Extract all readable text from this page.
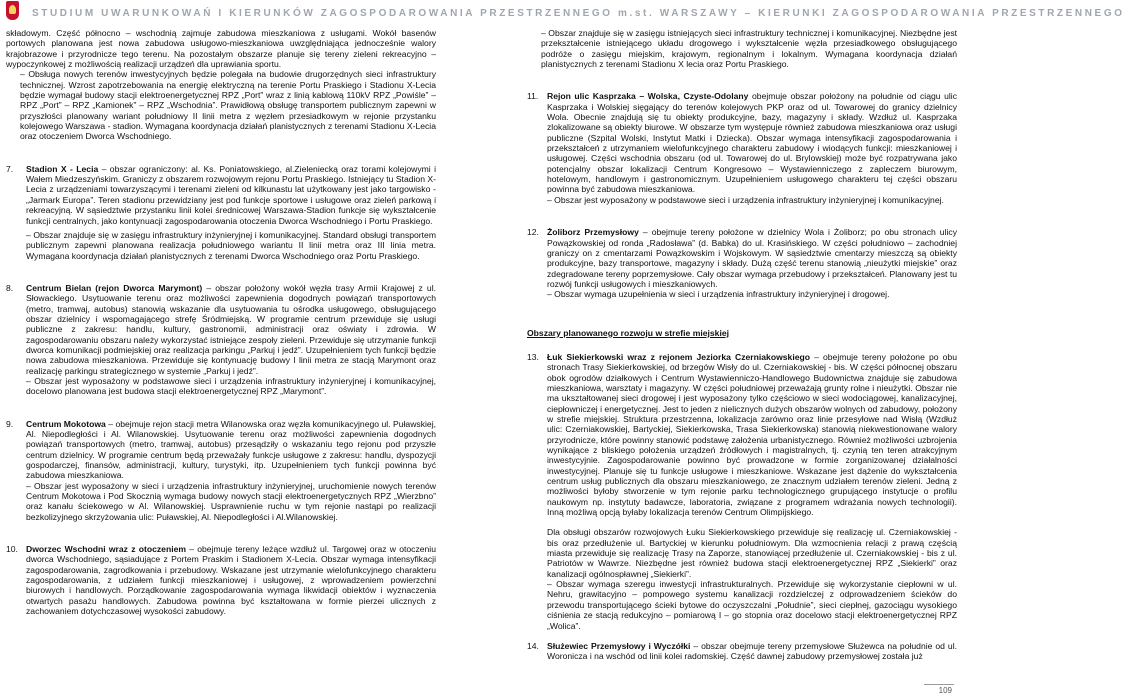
STUDIUM UWARUNKOWAŃ I KIERUNKÓW ZAGOSPODAROWANIA PRZESTRZENNEGO m.st. WARSZAWY – KIERUNKI ZAGOSPODAROWANIA PRZESTRZENNEGO

składowym. Część północno – wschodnią zajmuje zabudowa mieszkaniowa z usługami. Wokół basenów portowych planowana jest nowa zabudowa usługowo-mieszkaniowa uwzględniająca jednocześnie walory krajobrazowe i przyrodnicze tego terenu. Na pozostałym obszarze planuje się tereny zieleni rekreacyjno – wypoczynkowej z możliwością realizacji urządzeń dla uprawiania sportu.

– Obsługa nowych terenów inwestycyjnych będzie polegała na budowie drugorzędnych sieci infrastruktury technicznej. Wzrost zapotrzebowania na energię elektryczną na terenie Portu Praskiego i Stadionu X-Lecia będzie wymagał budowy stacji elektroenergetycznej RPZ „Port” wraz z linią kablową 110kV RPZ „Powiśle” – RPZ „Port” – RPZ „Kamionek” – RPZ „Wschodnia”. Prawidłową obsługę transportem publicznym zapewni w przyszłości planowany wariant południowy II linii metra z węzłem przesiadkowym w rejonie przystanku kolejowego Warszawa - stadion. Wymagana koordynacja działań planistycznych z terenami Stadionu X-Lecia oraz otoczeniem Dworca Wschodniego.

7.	Stadion X - Lecia – obszar ograniczony: al. Ks. Poniatowskiego, al.Zieleniecką oraz torami kolejowymi i Wałem Miedzeszyńskim. Graniczy z obszarem rozwojowym rejonu Portu Praskiego. Istniejący tu Stadion X-Lecia z urządzeniami towarzyszącymi i terenami zieleni od kilkunastu lat użytkowany jest jako targowisko - „Jarmark Europa”. Teren stadionu przewidziany jest pod funkcje sportowe i usługowe oraz zieleń parkową i rekreacyjną. W sąsiedztwie przystanku linii kolei średnicowej Warszawa-Stadion funkcje się wykształcenie funkcji centralnych, jako kontynuacji zagospodarowania otoczenia Dworca Wschodniego i Portu Praskiego.

– Obszar znajduje się w zasięgu infrastruktury inżynieryjnej i komunikacyjnej. Standard obsługi transportem publicznym zapewni planowana realizacja południowego wariantu II linii metra oraz III linia metra. Wymagana koordynacja działań planistycznych z terenami Dworca Wschodniego oraz Portu Praskiego.

8.	Centrum Bielan (rejon Dworca Marymont) – obszar położony wokół węzła trasy Armii Krajowej z ul. Słowackiego. Usytuowanie terenu oraz możliwości zapewnienia dogodnych powiązań transportowych (metro, tramwaj, autobus) stanowią wskazanie dla usytuowania tu ośrodka usługowego, obsługującego obszar dzielnicy i wspomagającego strefę Śródmiejską. W programie centrum przewiduje się usługi publiczne z zakresu: handlu, kultury, gastronomii, administracji oraz oświaty i zdrowia. W zagospodarowaniu obszaru należy wykorzystać istniejące zespoły zieleni. Przewiduje się utrzymanie funkcji dworca komunikacji podmiejskiej oraz realizacja parkingu „Parkuj i jedź”. Uzupełnieniem tych funkcji będzie nowa zabudowa mieszkaniowa. Przewiduje się kontynuację budowy I linii metra ze stacją Marymont oraz realizację parkingu strategicznego w systemie „Parkuj i jedź”.

– Obszar jest wyposażony w podstawowe sieci i urządzenia infrastruktury inżynieryjnej i komunikacyjnej, docelowo planowana jest budowa stacji elektroenergetycznej RPZ „Marymont”.

9.	Centrum Mokotowa – obejmuje rejon stacji metra Wilanowska oraz węzła komunikacyjnego ul. Puławskiej, Al. Niepodległości i Al. Wilanowskiej. Usytuowanie terenu oraz możliwości zapewnienia dogodnych powiązań transportowych (metro, tramwaj, autobus) przesądziły o wskazaniu tego rejonu pod przyszłe centrum dzielnicy. W programie centrum będą przeważały funkcje usługowe z zakresu: handlu, dyspozycji gospodarczej, finansów, administracji, kultury, turystyki, itp. Uzupełnieniem tych funkcji powinna być zabudowa mieszkaniowa.

– Obszar jest wyposażony w sieci i urządzenia infrastruktury inżynieryjnej, uruchomienie nowych terenów Centrum Mokotowa i Pod Skocznią wymaga budowy nowych stacji elektroenergetycznych RPZ „Wierzbno” oraz kanału ściekowego w Al. Wilanowskiej. Usprawnienie ruchu w tym rejonie nastąpi po realizacji bezkolizyjnego skrzyżowania ulic: Puławskiej, Al. Niepodległości i Al.Wilanowskiej.

10. Dworzec Wschodni wraz z otoczeniem – obejmuje tereny leżące wzdłuż ul. Targowej oraz w otoczeniu dworca Wschodniego, sąsiadujące z Portem Praskim i Stadionem X-Lecia. Obszar wymaga intensyfikacji zagospodarowania, zagrodkowania i przebudowy. Wskazane jest utrzymanie wielofunkcyjnego charakteru zagospodarowania, z udziałem funkcji mieszkaniowej i usługowej, z wprowadzeniem powierzchni biurowych i handlowych. Porządkowanie zagospodarowania wymaga likwidacji obiektów i wyznaczenia otwartych pasażu handlowych. Zabudowa powinna być kształtowana w formie pierzei ulicznych z zachowaniem dotychczasowej wysokości zabudowy.

– Obszar znajduje się w zasięgu istniejących sieci infrastruktury technicznej i komunikacyjnej. Niezbędne jest przekształcenie istniejącego układu drogowego i wykształcenie węzła przesiadkowego obsługującego podróże o zasięgu miejskim, krajowym, regionalnym i lokalnym. Wymagana koordynacja działań planistycznych z terenami Stadionu X lecia oraz Portu Praskiego.

11.	Rejon ulic Kasprzaka – Wolska, Czyste-Odolany obejmuje obszar położony na południe od ciągu ulic Kasprzaka i Wolskiej sięgający do terenów kolejowych PKP oraz od ul. Towarowej do granicy dzielnicy Wola. Obecnie znajdują się tu obiekty produkcyjne, bazy, magazyny i składy. Wzdłuż ul. Kasprzaka zlokalizowane są obiekty biurowe. W obszarze tym występuje również zabudowa mieszkaniowa oraz usługi publiczne (Szpital Wolski, Instytut Matki i Dziecka). Obszar wymaga intensyfikacji zagospodarowania i przekształceń z utrzymaniem wielofunkcyjnego charakteru zabudowy i wiodących funkcji: mieszkaniowej i usługowej. Części wschodnia obszaru (od ul. Towarowej do ul. Brylowskiej) może być rozpatrywana jako potencjalny obszar lokalizacji Centrum Kongresowo – Wystawienniczego z zapleczem biurowym, hotelowym, handlowym i gastronomicznym. Uzupełnieniem usługowego charakteru tej części obszaru powinna być zabudowa mieszkaniowa.

– Obszar jest wyposażony w podstawowe sieci i urządzenia infrastruktury inżynieryjnej i komunikacyjnej.

12. Żoliborz Przemysłowy – obejmuje tereny położone w dzielnicy Wola i Żoliborz; po obu stronach ulicy Powązkowskiej od ronda „Radosława” (d. Babka) do ul. Krasińskiego. W części południowo – zachodniej graniczy on z cmentarzami Powązkowskim i Wojskowym. W sąsiedztwie cmentarzy mieszczą są obiekty produkcyjne, bazy transportowe, magazyny i składy. Dużą część terenu stanowią „nieużytki miejskie” oraz zdegradowane tereny poprzemysłowe. Cały obszar wymaga przebudowy i przekształceń. Planowany jest tu rozwój funkcji usługowych i mieszkaniowych.

– Obszar wymaga uzupełnienia w sieci i urządzenia infrastruktury inżynieryjnej i drogowej.

Obszary planowanego rozwoju w strefie miejskiej

13. Łuk Siekierkowski wraz z rejonem Jeziorka Czerniakowskiego – obejmuje tereny położone po obu stronach Trasy Siekierkowskiej, od brzegów Wisły do ul. Czerniakowskiej - bis. W części północnej obszaru obok ogrodów działkowych i Centrum Wystawienniczo-Handlowego Budownictwa znajduje się zabudowa mieszkaniowa, warsztaty i magazyny. W części południowej przeważają grunty rolne i nieużytki. Obszar nie ma ukształtowanej sieci drogowej i jest wyposażony tylko częściowo w sieci wodociągowej, kanalizacyjnej, ciepłowniczej i energetycznej. Jest to jeden z nielicznych dużych obszarów wolnych od zabudowy, położony w strefie miejskiej. Struktura przestrzenna, lokalizacja zarówno oraz linie przesyłowe nad Wisłą (Wzdłuż ulic: Czerniakowskiej, Bartyckiej, Siekierkowska, Trasa Siekierkowska) stanowią niekwestionowane walory przyrodnicze, które powinny stanowić podstawę założenia urbanistycznego. Również możliwości uzbrojenia wynikające z bliskiego położenia urządzeń źródłowych i magistralnych, tj. czynią ten teren atrakcyjnym inwestycyjnie. Zagospodarowanie powinno być prowadzone w formie zorganizowanej działalności inwestycyjnej. Planuje się tu funkcje usługowe i mieszkaniowe. Wskazane jest dążenie do wykształcenia centrum usług publicznych dla obszaru mieszkaniowego, ze znacznym udziałem terenów zieleni. Jedną z możliwości byłoby stworzenie w tym rejonie parku technologicznego grupującego instytucje o profilu naukowym np. instytuty badawcze, laboratoria, związane z programem wdrażania nowych technologii). Inną możliwą opcją byłaby lokalizacja terenów Centrum Olimpijskiego.

Dla obsługi obszarów rozwojowych Łuku Siekierkowskiego przewiduje się realizację ul. Czerniakowskiej - bis oraz przedłużenie ul. Bartyckiej w kierunku południowym. Dla wzmocnienia relacji z prawą częścią miasta przewiduje się realizację Trasy na Zaporze, stanowiącej przedłużenie ul. Czerniakowskiej - bis z ul. Patriotów w Wawrze. Niezbędne jest również budowa stacji elektroenergetycznej RPZ „Siekierki” oraz kanalizacji ogólnospławnej „Siekierki”.

– Obszar wymaga szeregu inwestycji infrastrukturalnych. Przewiduje się wykorzystanie ciepłowni w ul. Nehru, grawitacyjno – pompowego systemu kanalizacji rozdzielczej z odprowadzeniem ścieków do przewodu transportującego ścieki bytowe do oczyszczalni „Południe”, sieci ciepłnej, gazociągu wysokiego ciśnienia ze stacją redukcyjno – pomiarową I – go stopnia oraz docelowo stacji elektroenergetycznej RPZ „Wolica”.

14. Służewiec Przemysłowy i Wyczółki – obszar obejmuje tereny przemysłowe Służewca na południe od ul. Woronicza i na wschód od linii kolei radomskiej. Część dawnej zabudowy przemysłowej została już

109
